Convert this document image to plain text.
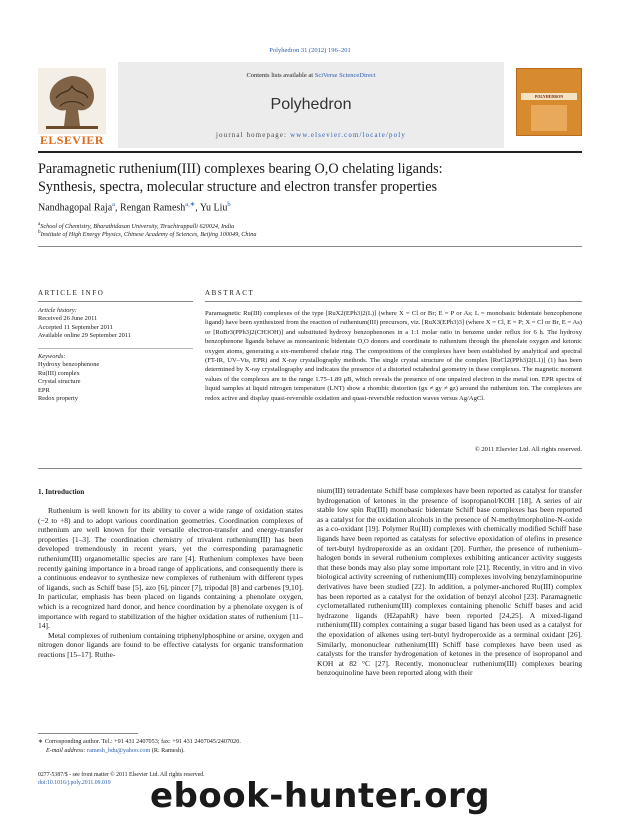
Polyhedron 31 (2012) 196–201
ELSEVIER
Contents lists available at SciVerse ScienceDirect
Polyhedron
journal homepage: www.elsevier.com/locate/poly
POLYHEDRON
Paramagnetic ruthenium(III) complexes bearing O,O chelating ligands:
Synthesis, spectra, molecular structure and electron transfer properties
Nandhagopal Raja$^a$, Rengan Ramesh$^{a,∗}$, Yu Liu$^b$
$^a$School of Chemistry, Bharathidasan University, Tiruchirappalli 620024, India
$^b$Institute of High Energy Physics, Chinese Academy of Sciences, Beijing 100049, China
ARTICLE INFO
Article history:
Received 26 June 2011
Accepted 11 September 2011
Available online 29 September 2011
Keywords:
Hydroxy benzophenone
Ru(III) complex
Crystal structure
EPR
Redox property
ABSTRACT
Paramagnetic Ru(III) complexes of the type [RuX2(EPh3)2(L)] (where X = Cl or Br; E = P or As; L = monobasic bidentate benzophenone ligand) have been synthesized from the reaction of ruthenium(III) precursors, viz. [RuX3(EPh3)3] (where X = Cl, E = P; X = Cl or Br, E = As) or [RuBr3(PPh3)2(CH3OH)] and substituted hydroxy benzophenones in a 1:1 molar ratio in benzene under reflux for 6 h. The hydroxy benzophenone ligands behave as monoanionic bidentate O,O donors and coordinate to ruthenium through the phenolate oxygen and ketonic oxygen atoms, generating a six-membered chelate ring. The compositions of the complexes have been established by analytical and spectral (FT-IR, UV–Vis, EPR) and X-ray crystallography methods. The single crystal structure of the complex [RuCl2(PPh3)2(L1)] (1) has been determined by X-ray crystallography and indicates the presence of a distorted octahedral geometry in these complexes. The magnetic moment values of the complexes are in the range 1.75–1.89 μB, which reveals the presence of one unpaired electron in the metal ion. EPR spectra of liquid samples at liquid nitrogen temperature (LNT) show a rhombic distortion (gx ≠ gy ≠ gz) around the ruthenium ion. The complexes are redox active and display quasi-reversible oxidation and quasi-reversible reduction waves versus Ag/AgCl.
© 2011 Elsevier Ltd. All rights reserved.
1. Introduction

Ruthenium is well known for its ability to cover a wide range of oxidation states (−2 to +8) and to adopt various coordination geometries. Coordination complexes of ruthenium are well known for their versatile electron-transfer and energy-transfer properties [1–3]. The coordination chemistry of trivalent ruthenium(III) has been developed tremendously in recent years, yet the corresponding paramagnetic ruthenium(III) organometallic species are rare [4]. Ruthenium complexes have been recently gaining importance in a broad range of applications, and consequently there is a continuous endeavor to synthesize new complexes of ruthenium with different types of ligands, such as Schiff base [5], azo [6], pincer [7], tripodal [8] and carbenes [9,10]. In particular, emphasis has been placed on ligands containing a phenolate oxygen, which is a recognized hard donor, and hence coordination by a phenolate oxygen is of importance with regard to stabilization of the higher oxidation states of ruthenium [11–14].

Metal complexes of ruthenium containing triphenylphosphine or arsine, oxygen and nitrogen donor ligands are found to be effective catalysts for organic transformation reactions [15–17]. Ruthe-

nium(III) tetradentate Schiff base complexes have been reported as catalyst for transfer hydrogenation of ketones in the presence of isopropanol/KOH [18]. A series of air stable low spin Ru(III) monobasic bidentate Schiff base complexes has been reported as a catalyst for the oxidation alcohols in the presence of N-methylmorpholine-N-oxide as a co-oxidant [19]. Polymer Ru(III) complexes with chemically modified Schiff base ligands have been reported as catalysts for selective epoxidation of olefins in presence of tert-butyl hydroperoxide as an oxidant [20]. Further, the presence of ruthenium–halogen bonds in several ruthenium complexes exhibiting anticancer activity suggests that these bonds may also play some important role [21]. Recently, in vitro and in vivo biological activity screening of ruthenium(III) complexes involving benzylaminopurine derivatives have been studied [22]. In addition, a polymer-anchored Ru(III) complex has been reported as a catalyst for the oxidation of benzyl alcohol [23]. Paramagnetic cyclometallated ruthenium(III) complexes containing phenolic Schiff bases and acid hydrazone ligands (H2apahR) have been reported [24,25]. A mixed-ligand ruthenium(III) complex containing a sugar based ligand has been used as a catalyst for the epoxidation of alkenes using tert-butyl hydroperoxide as a terminal oxidant [26]. Similarly, mononuclear ruthenium(III) Schiff base complexes have been used as catalysts for the transfer hydrogenation of ketones in the presence of isopropanol and KOH at 82 °C [27]. Recently, mononuclear ruthenium(III) complexes bearing benzoquinoline have been reported along with their

∗ Corresponding author. Tel.: +91 431 2407053; fax: +91 431 2407045/2407020.
E-mail address: ramesh_bdu@yahoo.com (R. Ramesh).
0277-5387/$ - see front matter © 2011 Elsevier Ltd. All rights reserved.
doi:10.1016/j.poly.2011.09.019	ebook-hunter.org
